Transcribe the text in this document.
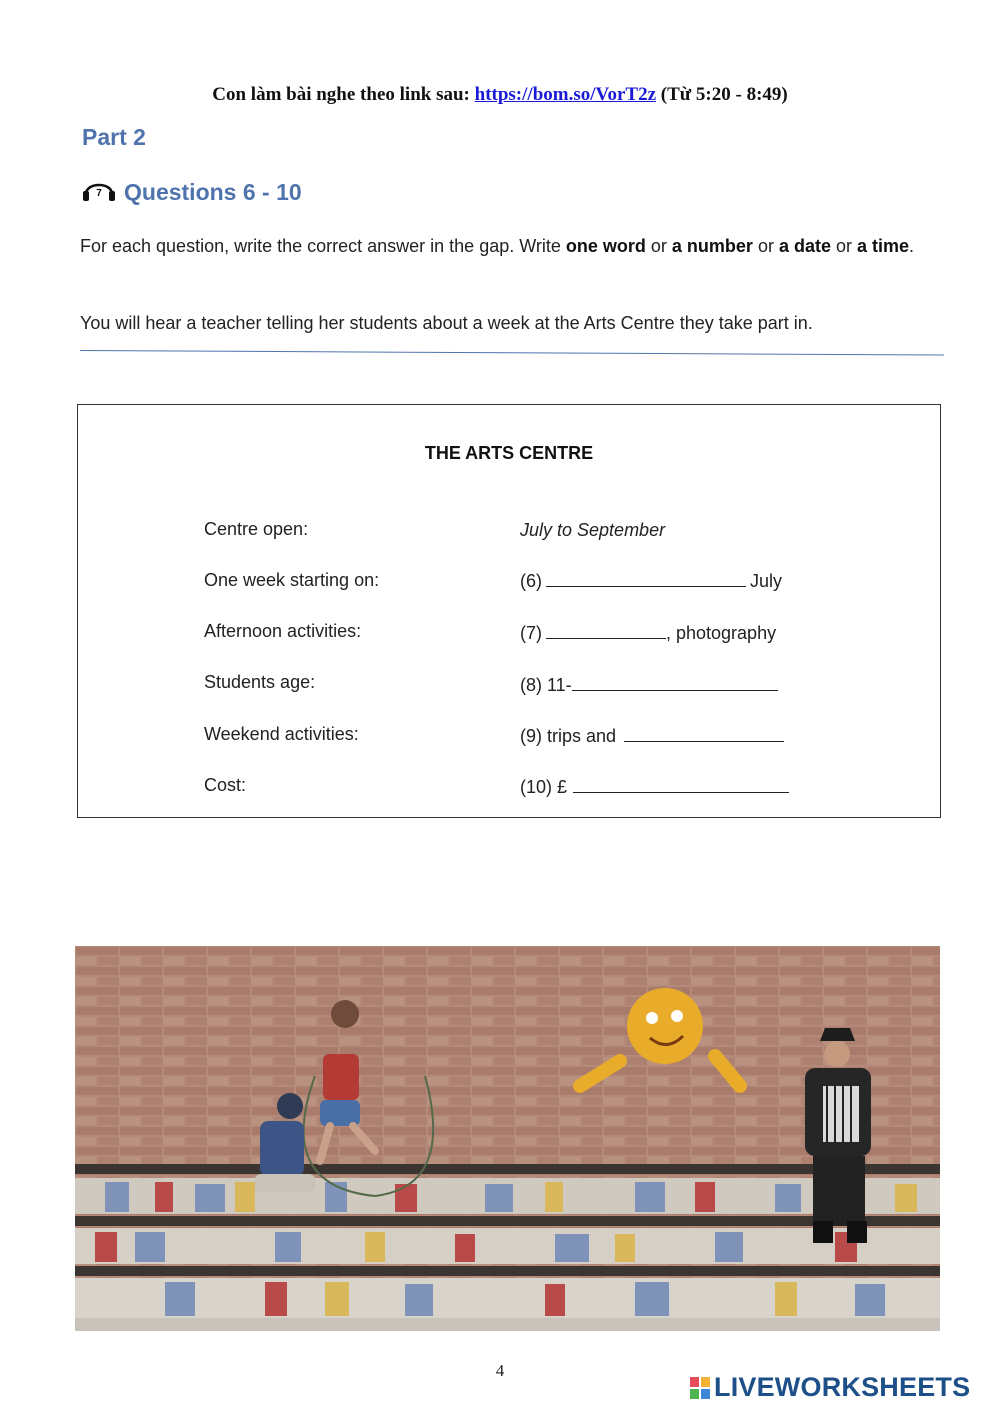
Con làm bài nghe theo link sau: https://bom.so/VorT2z (Từ 5:20 - 8:49)
Part 2
7 Questions 6 - 10
For each question, write the correct answer in the gap. Write one word or a number or a date or a time.
You will hear a teacher telling her students about a week at the Arts Centre they take part in.
THE ARTS CENTRE
Centre open:	July to September
One week starting on:	(6)	July
Afternoon activities:	(7)	, photography
Students age:	(8) 11-
Weekend activities:	(9) trips and
Cost:	(10) £
4
LIVEWORKSHEETS
